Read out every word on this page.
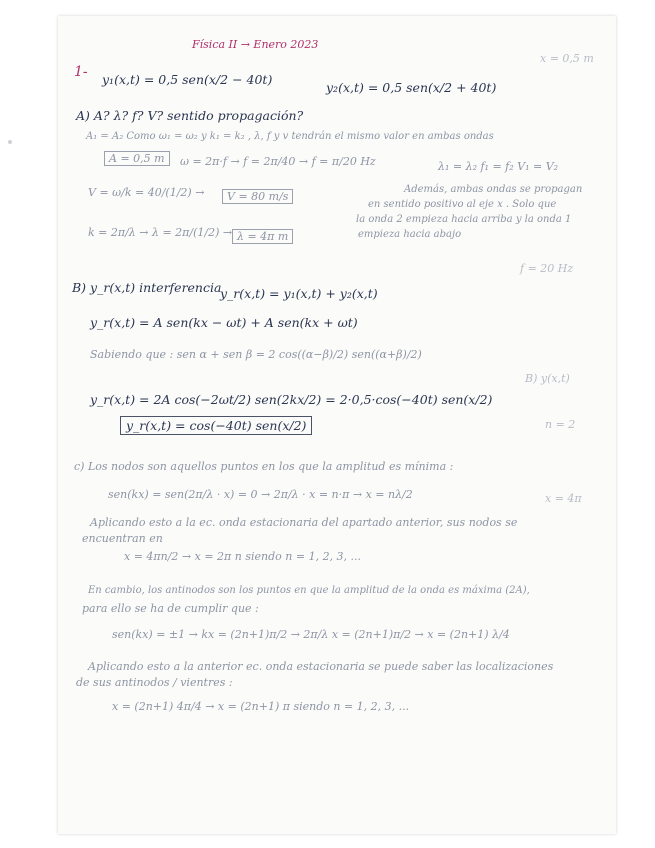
x = 0,5 m
f = 20 Hz
B) y(x,t)
n = 2
x = 4π
Física II → Enero 2023
1- y₁(x,t) = 0,5 sen(x/2 − 40t)
y₂(x,t) = 0,5 sen(x/2 + 40t)
A) A? λ? f? V? sentido propagación?
A₁ = A₂ Como ω₁ = ω₂ y k₁ = k₂ , λ, f y v tendrán el mismo valor en ambas ondas
A = 0,5 m	ω = 2π·f → f = 2π/40 → f = π/20 Hz	λ₁ = λ₂ f₁ = f₂ V₁ = V₂
V = ω/k = 40/(1/2) →	V = 80 m/s
Además, ambas ondas se propagan
en sentido positivo al eje x . Solo que
la onda 2 empieza hacia arriba y la onda 1
empieza hacia abajo
k = 2π/λ → λ = 2π/(1/2) → λ = 4π m
B) y_r(x,t) interferencia
y_r(x,t) = y₁(x,t) + y₂(x,t)
y_r(x,t) = A sen(kx − ωt) + A sen(kx + ωt)
Sabiendo que : sen α + sen β = 2 cos((α−β)/2) sen((α+β)/2)
y_r(x,t) = 2A cos(−2ωt/2) sen(2kx/2) = 2·0,5·cos(−40t) sen(x/2)
y_r(x,t) = cos(−40t) sen(x/2)
c) Los nodos son aquellos puntos en los que la amplitud es mínima :
sen(kx) = sen(2π/λ · x) = 0 → 2π/λ · x = n·π → x = nλ/2
Aplicando esto a la ec. onda estacionaria del apartado anterior, sus nodos se
encuentran en
x = 4πn/2 → x = 2π n siendo n = 1, 2, 3, ...
En cambio, los antinodos son los puntos en que la amplitud de la onda es máxima (2A),
para ello se ha de cumplir que :
sen(kx) = ±1 → kx = (2n+1)π/2 → 2π/λ x = (2n+1)π/2 → x = (2n+1) λ/4
Aplicando esto a la anterior ec. onda estacionaria se puede saber las localizaciones
de sus antinodos / vientres :
x = (2n+1) 4π/4 → x = (2n+1) π siendo n = 1, 2, 3, ...
